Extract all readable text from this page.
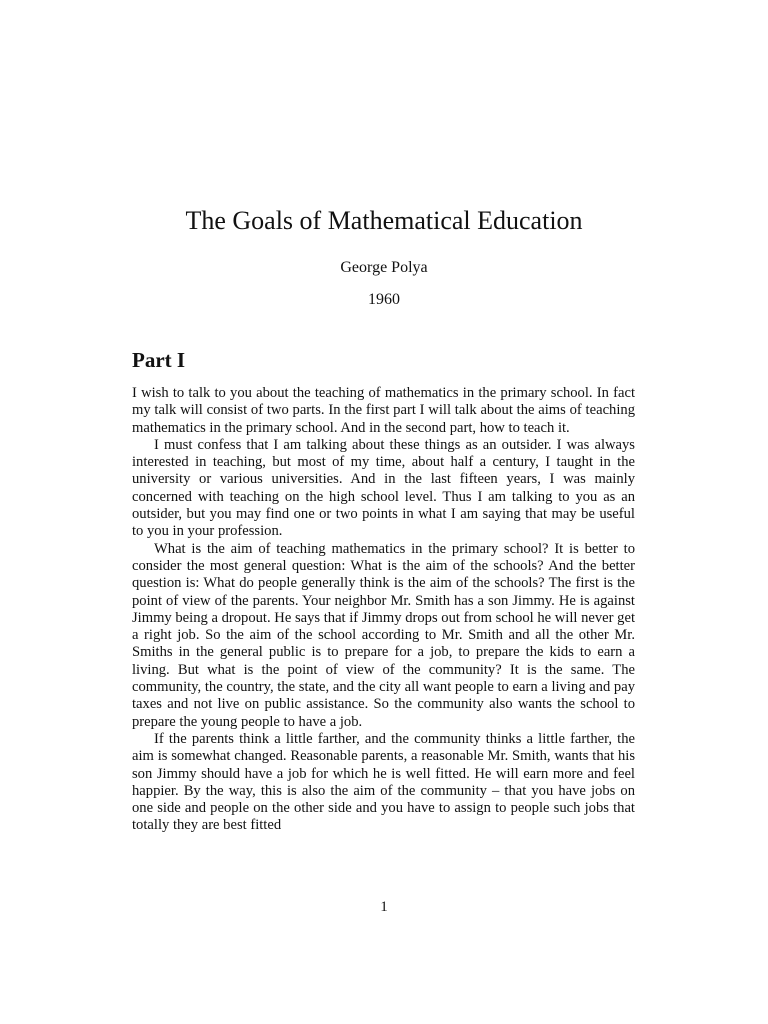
The Goals of Mathematical Education
George Polya
1960
Part I

I wish to talk to you about the teaching of mathematics in the primary school. In fact my talk will consist of two parts. In the first part I will talk about the aims of teaching mathematics in the primary school. And in the second part, how to teach it.

I must confess that I am talking about these things as an outsider. I was always interested in teaching, but most of my time, about half a century, I taught in the university or various universities. And in the last fifteen years, I was mainly concerned with teaching on the high school level. Thus I am talking to you as an outsider, but you may find one or two points in what I am saying that may be useful to you in your profession.

What is the aim of teaching mathematics in the primary school? It is better to consider the most general question: What is the aim of the schools? And the better question is: What do people generally think is the aim of the schools? The first is the point of view of the parents. Your neighbor Mr. Smith has a son Jimmy. He is against Jimmy being a dropout. He says that if Jimmy drops out from school he will never get a right job. So the aim of the school according to Mr. Smith and all the other Mr. Smiths in the general public is to prepare for a job, to prepare the kids to earn a living. But what is the point of view of the community? It is the same. The community, the country, the state, and the city all want people to earn a living and pay taxes and not live on public assistance. So the community also wants the school to prepare the young people to have a job.

If the parents think a little farther, and the community thinks a little farther, the aim is somewhat changed. Reasonable parents, a reasonable Mr. Smith, wants that his son Jimmy should have a job for which he is well fitted. He will earn more and feel happier. By the way, this is also the aim of the community – that you have jobs on one side and people on the other side and you have to assign to people such jobs that totally they are best fitted

1
